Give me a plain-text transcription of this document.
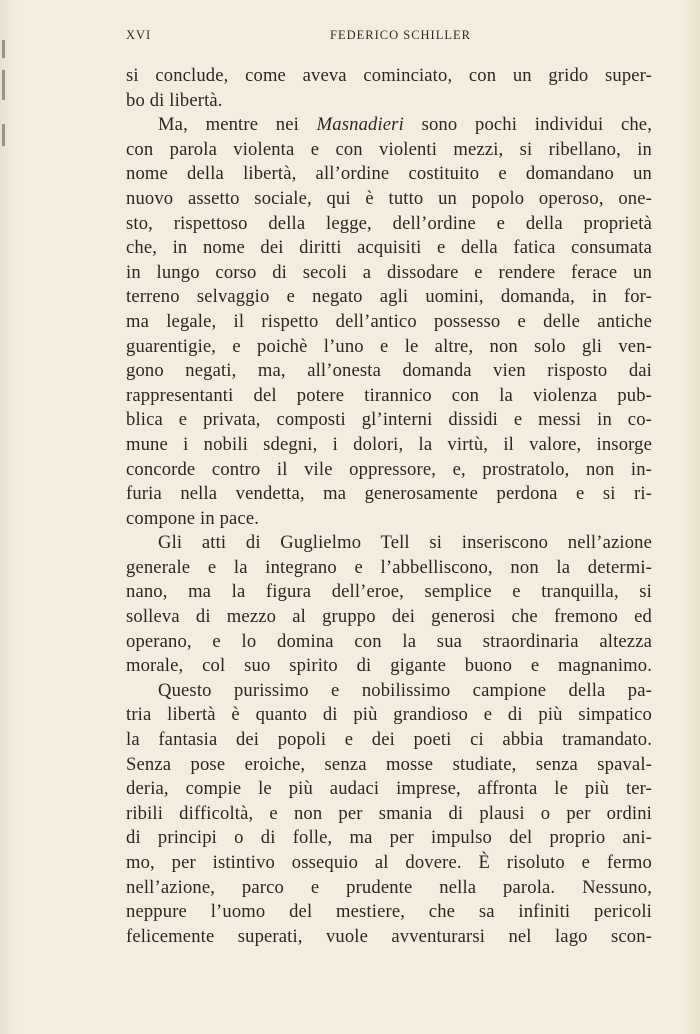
XVI	FEDERICO SCHILLER
si conclude, come aveva cominciato, con un grido super-
bo di libertà.
Ma, mentre nei Masnadieri sono pochi individui che,
con parola violenta e con violenti mezzi, si ribellano, in
nome della libertà, all’ordine costituito e domandano un
nuovo assetto sociale, qui è tutto un popolo operoso, one-
sto, rispettoso della legge, dell’ordine e della proprietà
che, in nome dei diritti acquisiti e della fatica consumata
in lungo corso di secoli a dissodare e rendere ferace un
terreno selvaggio e negato agli uomini, domanda, in for-
ma legale, il rispetto dell’antico possesso e delle antiche
guarentigie, e poichè l’uno e le altre, non solo gli ven-
gono negati, ma, all’onesta domanda vien risposto dai
rappresentanti del potere tirannico con la violenza pub-
blica e privata, composti gl’interni dissidi e messi in co-
mune i nobili sdegni, i dolori, la virtù, il valore, insorge
concorde contro il vile oppressore, e, prostratolo, non in-
furia nella vendetta, ma generosamente perdona e si ri-
compone in pace.
Gli atti di Guglielmo Tell si inseriscono nell’azione
generale e la integrano e l’abbelliscono, non la determi-
nano, ma la figura dell’eroe, semplice e tranquilla, si
solleva di mezzo al gruppo dei generosi che fremono ed
operano, e lo domina con la sua straordinaria altezza
morale, col suo spirito di gigante buono e magnanimo.
Questo purissimo e nobilissimo campione della pa-
tria libertà è quanto di più grandioso e di più simpatico
la fantasia dei popoli e dei poeti ci abbia tramandato.
Senza pose eroiche, senza mosse studiate, senza spaval-
deria, compie le più audaci imprese, affronta le più ter-
ribili difficoltà, e non per smania di plausi o per ordini
di principi o di folle, ma per impulso del proprio ani-
mo, per istintivo ossequio al dovere. È risoluto e fermo
nell’azione, parco e prudente nella parola. Nessuno,
neppure l’uomo del mestiere, che sa infiniti pericoli
felicemente superati, vuole avventurarsi nel lago scon-
